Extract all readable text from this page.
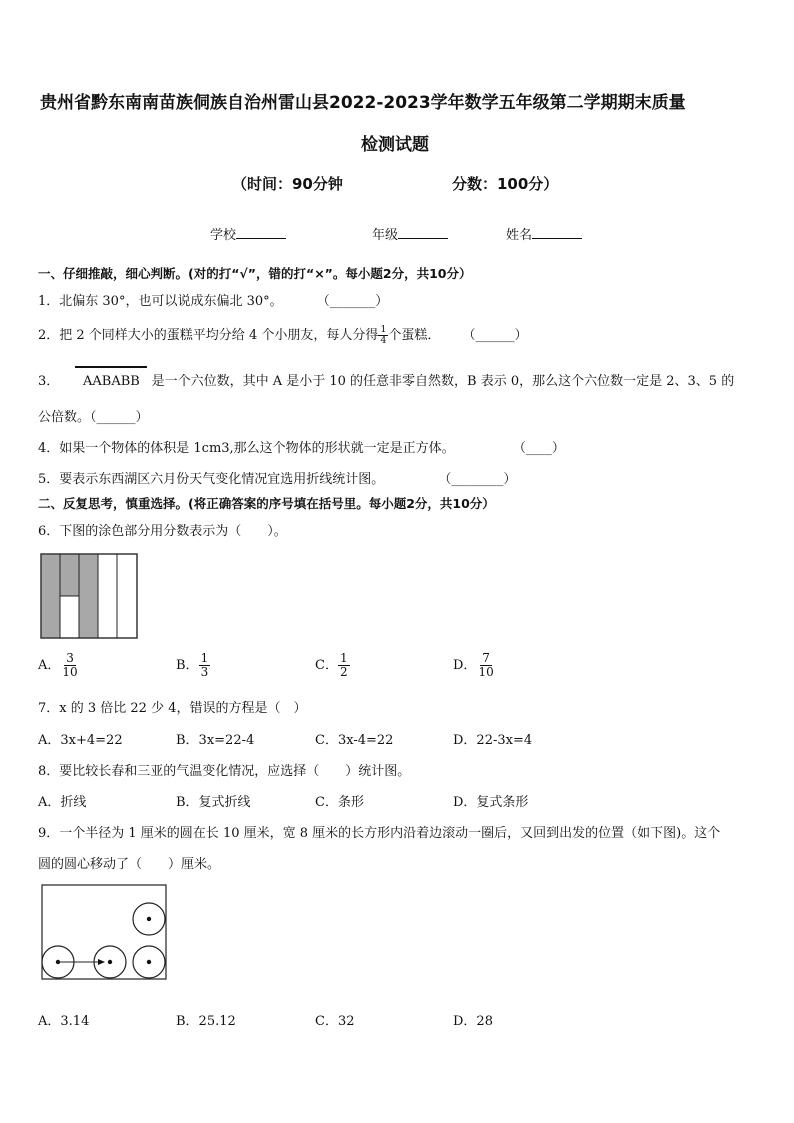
贵州省黔东南南苗族侗族自治州雷山县2022-2023学年数学五年级第二学期期末质量
检测试题
（时间：90分钟	分数：100分）
学校	年级	姓名
一、仔细推敲，细心判断。(对的打“√”，错的打“×”。每小题2分，共10分）
1．北偏东 30°，也可以说成东偏北 30°。	（_______）
2．把 2 个同样大小的蛋糕平均分给 4 个小朋友，每人分得 $\frac{1}{4}$ 个蛋糕． （______）
3． AABABB 是一个六位数，其中 A 是小于 10 的任意非零自然数，B 表示 0，那么这个六位数一定是 2、3、5 的
公倍数。（______）
4．如果一个物体的体积是 1cm3,那么这个物体的形状就一定是正方体。	（____）
5．要表示东西湖区六月份天气变化情况宜选用折线统计图。	（________）
二、反复思考，慎重选择。(将正确答案的序号填在括号里。每小题2分，共10分）
6．下图的涂色部分用分数表示为（　　）。
A． $\frac{3}{10}$	B． $\frac{1}{3}$	C． $\frac{1}{2}$	D． $\frac{7}{10}$
7．x 的 3 倍比 22 少 4，错误的方程是（　）
A．3x+4=22	B．3x=22-4	C．3x-4=22	D．22-3x=4
8．要比较长春和三亚的气温变化情况，应选择（　　）统计图。
A．折线	B．复式折线	C．条形	D．复式条形
9．一个半径为 1 厘米的圆在长 10 厘米，宽 8 厘米的长方形内沿着边滚动一圈后，又回到出发的位置（如下图)。这个
圆的圆心移动了（　　）厘米。
A．3.14	B．25.12	C．32	D．28
